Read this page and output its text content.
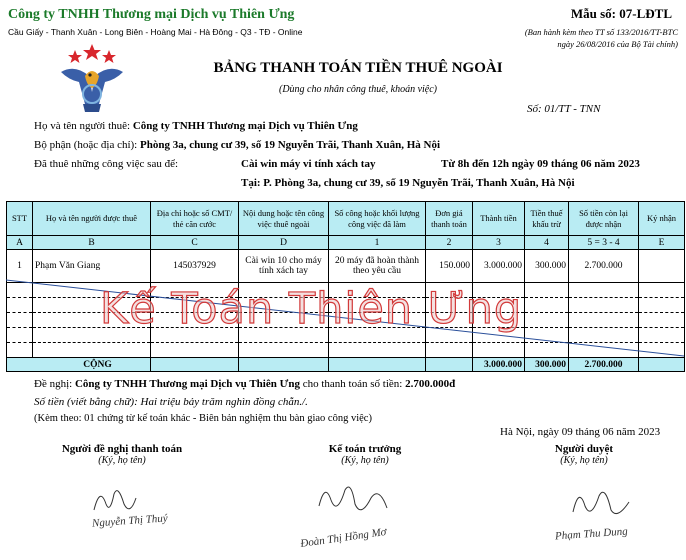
Công ty TNHH Thương mại Dịch vụ Thiên Ưng
Cầu Giấy - Thanh Xuân - Long Biên - Hoàng Mai - Hà Đông - Q3 - TĐ - Online
Mẫu số: 07-LĐTL
(Ban hành kèm theo TT số 133/2016/TT-BTC
ngày 26/08/2016 của Bộ Tài chính)
BẢNG THANH TOÁN TIỀN THUÊ NGOÀI
(Dùng cho nhân công thuê, khoán việc)
Số: 01/TT - TNN
Họ và tên người thuê: Công ty TNHH Thương mại Dịch vụ Thiên Ưng
Bộ phận (hoặc địa chỉ): Phòng 3a, chung cư 39, số 19 Nguyễn Trãi, Thanh Xuân, Hà Nội
Đã thuê những công việc sau để:	Cài win máy vi tính xách tay	Từ 8h đến 12h ngày 09 tháng 06 năm 2023
Tại: P. Phòng 3a, chung cư 39, số 19 Nguyễn Trãi, Thanh Xuân, Hà Nội
STT	Họ và tên người được thuê	Địa chỉ hoặc số CMT/ thẻ căn cước	Nội dung hoặc tên công việc thuê ngoài	Số công hoặc khối lượng công việc đã làm	Đơn giá thanh toán	Thành tiền	Tiền thuế khấu trừ	Số tiền còn lại được nhận	Ký nhận
A	B	C	D	1	2	3	4	5 = 3 - 4	E
1	Phạm Văn Giang	145037929	Cài win 10 cho máy tính xách tay	20 máy đã hoàn thành theo yêu cầu	150.000	3.000.000	300.000	2.700.000	

CỘNG						3.000.000	300.000	2.700.000	
Kế Toán Thiên Ưng
Đề nghị: Công ty TNHH Thương mại Dịch vụ Thiên Ưng cho thanh toán số tiền: 2.700.000đ
Số tiền (viết bằng chữ): Hai triệu bảy trăm nghìn đồng chẵn./.
(Kèm theo: 01 chứng từ kế toán khác - Biên bản nghiệm thu bàn giao công việc)
Hà Nội, ngày 09 tháng 06 năm 2023
Người đề nghị thanh toán
(Ký, họ tên)
Kế toán trưởng
(Ký, họ tên)
Người duyệt
(Ký, họ tên)
Nguyễn Thị Thuý
Đoàn Thị Hồng Mơ	Phạm Thu Dung
